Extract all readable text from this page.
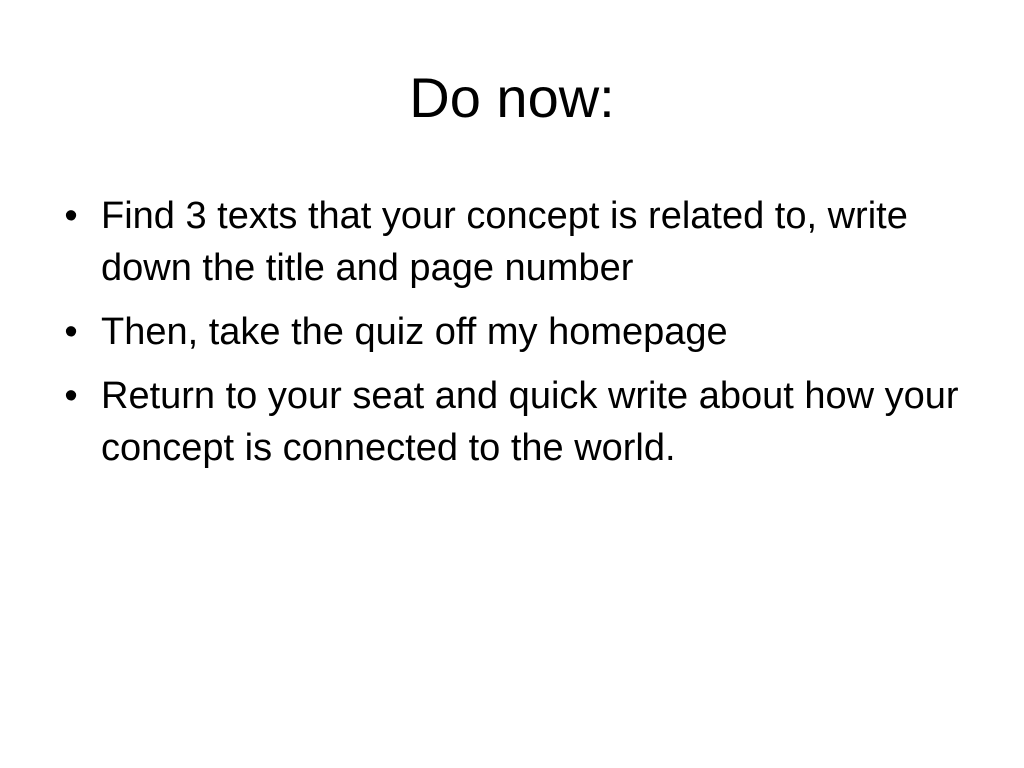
Do now:
• Find 3 texts that your concept is related to, write down the title and page number
• Then, take the quiz off my homepage
• Return to your seat and quick write about how your concept is connected to the world.
